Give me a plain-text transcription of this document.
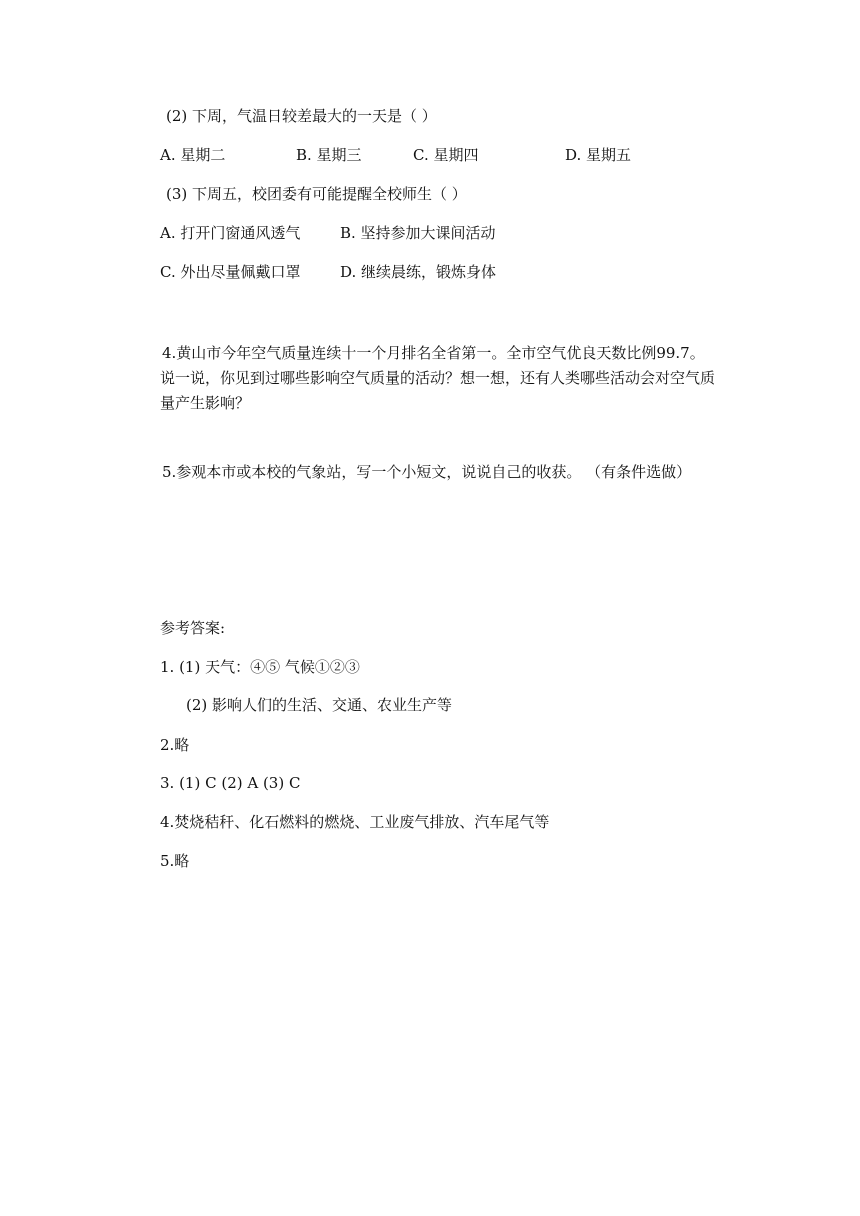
(2) 下周，气温日较差最大的一天是（ ）
A. 星期二	B. 星期三	C. 星期四	D. 星期五
(3) 下周五，校团委有可能提醒全校师生（ ）
A. 打开门窗通风透气	B. 坚持参加大课间活动
C. 外出尽量佩戴口罩	D. 继续晨练，锻炼身体
4.黄山市今年空气质量连续十一个月排名全省第一。全市空气优良天数比例99.7。
说一说，你见到过哪些影响空气质量的活动？想一想，还有人类哪些活动会对空气质
量产生影响？
5.参观本市或本校的气象站，写一个小短文，说说自己的收获。 （有条件选做）
参考答案:
1. (1) 天气：④⑤ 气候①②③
(2) 影响人们的生活、交通、农业生产等
2.略
3. (1) C (2) A (3) C
4.焚烧秸秆、化石燃料的燃烧、工业废气排放、汽车尾气等
5.略
